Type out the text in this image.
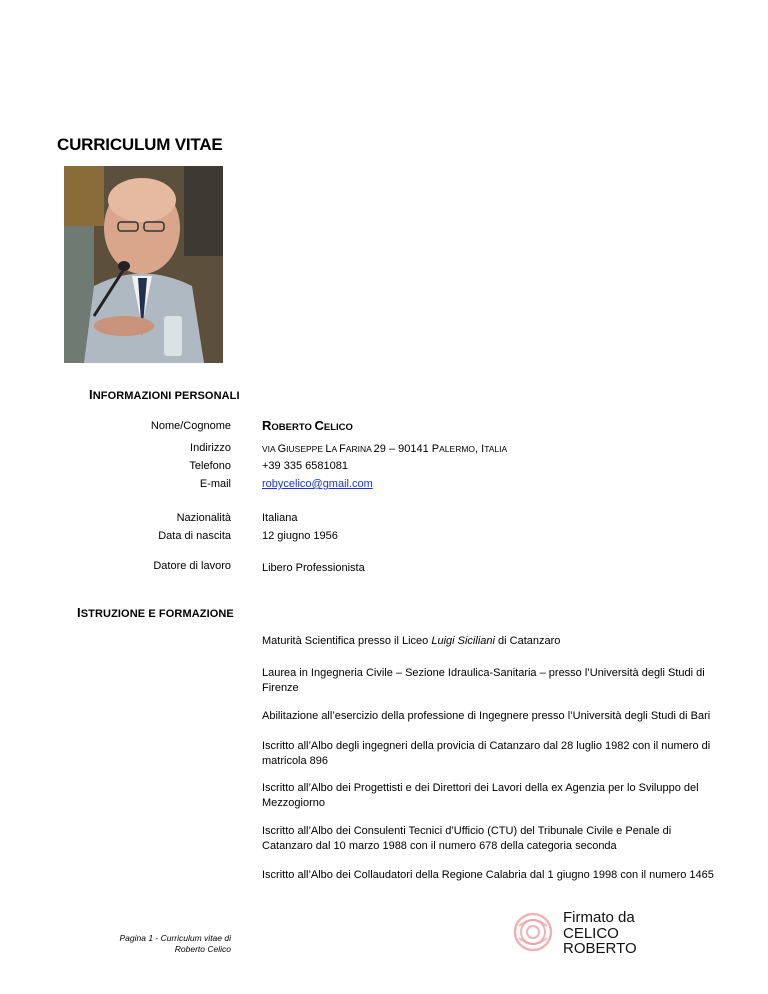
CURRICULUM VITAE
INFORMAZIONI PERSONALI
Nome/Cognome ROBERTO CELICO
Indirizzo	VIA GIUSEPPE LA FARINA 29 – 90141 PALERMO, ITALIA
Telefono	+39 335 6581081
E-mail	robycelico@gmail.com
Nazionalità	Italiana
Data di nascita	12 giugno 1956
Datore di lavoro	Libero Professionista
ISTRUZIONE E FORMAZIONE
Maturità Scientifica presso il Liceo Luigi Siciliani di Catanzaro
Laurea in Ingegneria Civile – Sezione Idraulica-Sanitaria – presso l’Università degli Studi di Firenze
Abilitazione all’esercizio della professione di Ingegnere presso l’Università degli Studi di Bari
Iscritto all’Albo degli ingegneri della provicia di Catanzaro dal 28 luglio 1982 con il numero di matricola 896
Iscritto all’Albo dei Progettisti e dei Direttori dei Lavori della ex Agenzia per lo Sviluppo del Mezzogiorno
Iscritto all’Albo dei Consulenti Tecnici d’Ufficio (CTU) del Tribunale Civile e Penale di Catanzaro dal 10 marzo 1988 con il numero 678 della categoria seconda
Iscritto all’Albo dei Collaudatori della Regione Calabria dal 1 giugno 1998 con il numero 1465
Pagina 1 - Curriculum vitae di
Roberto Celico
Firmato da
CELICO
ROBERTO
